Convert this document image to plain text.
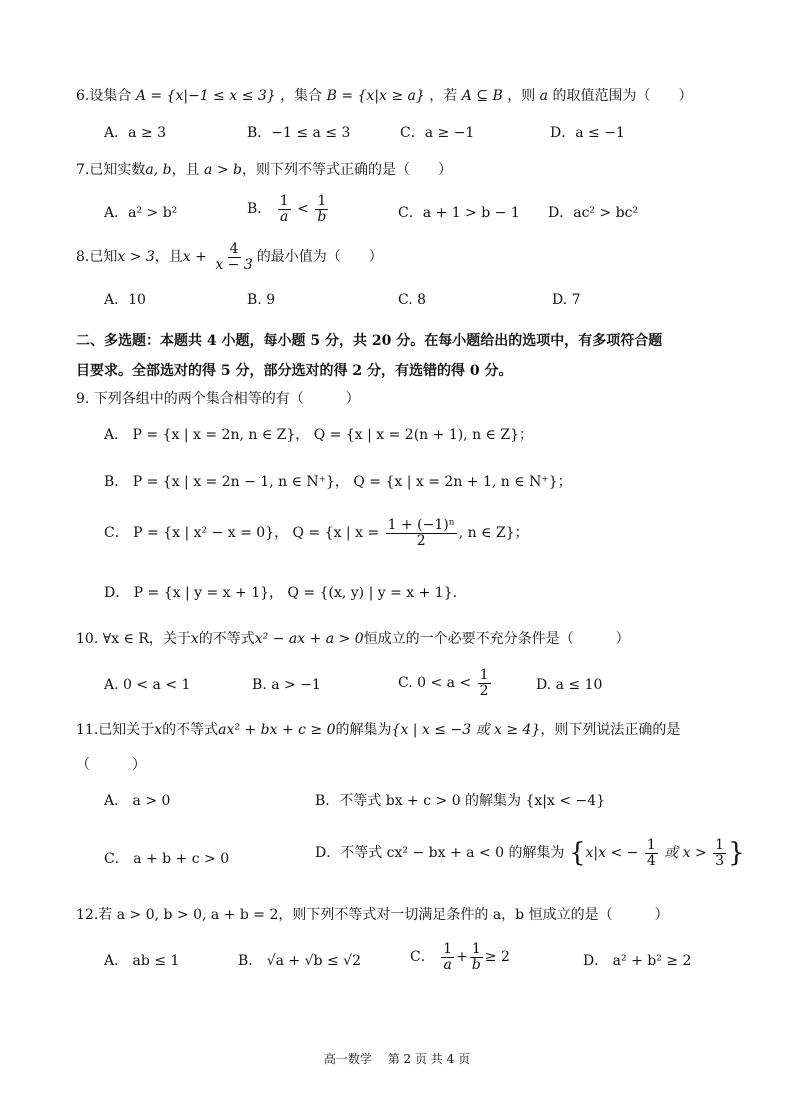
6.设集合 A = {x|−1 ≤ x ≤ 3} ，集合 B = {x|x ≥ a} ，若 A ⊆ B ，则 a 的取值范围为（　　）
A．a ≥ 3	B．−1 ≤ a ≤ 3	C．a ≥ −1	D．a ≤ −1
7.已知实数a, b，且 a > b，则下列不等式正确的是（　　）
A．a² > b²	B． $\frac{1}{a} < \frac{1}{b}$	C．a + 1 > b − 1 D．ac² > bc²
8.已知x > 3，且$x + \frac{4}{x - 3}$ 的最小值为（　　）
A．10	B. 9	C. 8	D. 7
二、多选题：本题共 4 小题，每小题 5 分，共 20 分。在每小题给出的选项中，有多项符合题
目要求。全部选对的得 5 分，部分选对的得 2 分，有选错的得 0 分。
9. 下列各组中的两个集合相等的有（　　　）
A． P = {x | x = 2n, n ∈ Z}， Q = {x | x = 2(n + 1), n ∈ Z}；
B． P = {x | x = 2n − 1, n ∈ N⁺}， Q = {x | x = 2n + 1, n ∈ N⁺}；
C． P = {x | x² − x = 0}， Q = {x | $x = \frac{\text{1 + (−1)ⁿ}}{2}$ , n ∈ Z}；
D． P = {x | y = x + 1}， Q = {(x, y) | y = x + 1}．
10. ∀x ∈ R，关于x的不等式x² − ax + a > 0恒成立的一个必要不充分条件是（　　　）
A. 0 < a < 1	B. a > −1	C. $0 < a < \frac{1}{2}$	D. a ≤ 10
11.已知关于x的不等式ax² + bx + c ≥ 0的解集为{x | x ≤ −3 或 x ≥ 4}，则下列说法正确的是
（　　　）
A． a > 0	B．不等式 bx + c > 0 的解集为 {x|x < −4}
C． a + b + c > 0	D．不等式 cx² − bx + a < 0 的解集为 {x|x < − $\frac{1}{4}$ 或 $x > \frac{1}{3}$ }
12.若 a > 0, b > 0, a + b = 2，则下列不等式对一切满足条件的 a，b 恒成立的是（　　　）
A． ab ≤ 1	B． √a + √b ≤ √2	C． $\frac{1}{a} + \frac{1}{b} \ge 2$	D． a² + b² ≥ 2
高一数学　 第 2 页 共 4 页
